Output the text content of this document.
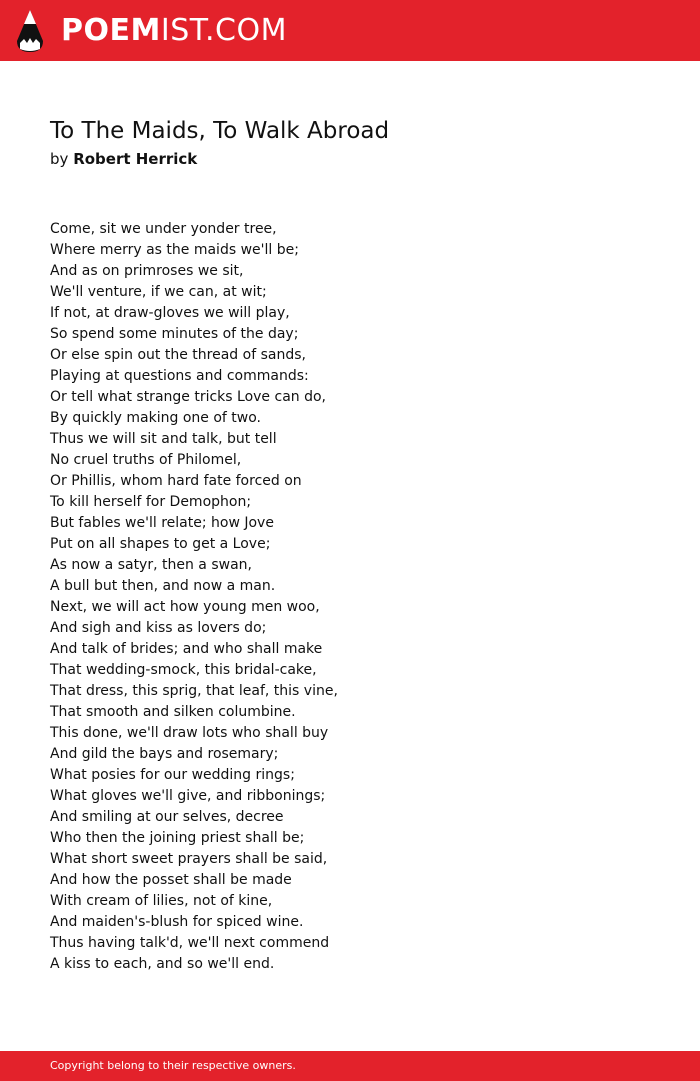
POEMIST.COM
To The Maids, To Walk Abroad
by Robert Herrick
Come, sit we under yonder tree,
Where merry as the maids we'll be;
And as on primroses we sit,
We'll venture, if we can, at wit;
If not, at draw-gloves we will play,
So spend some minutes of the day;
Or else spin out the thread of sands,
Playing at questions and commands:
Or tell what strange tricks Love can do,
By quickly making one of two.
Thus we will sit and talk, but tell
No cruel truths of Philomel,
Or Phillis, whom hard fate forced on
To kill herself for Demophon;
But fables we'll relate; how Jove
Put on all shapes to get a Love;
As now a satyr, then a swan,
A bull but then, and now a man.
Next, we will act how young men woo,
And sigh and kiss as lovers do;
And talk of brides; and who shall make
That wedding-smock, this bridal-cake,
That dress, this sprig, that leaf, this vine,
That smooth and silken columbine.
This done, we'll draw lots who shall buy
And gild the bays and rosemary;
What posies for our wedding rings;
What gloves we'll give, and ribbonings;
And smiling at our selves, decree
Who then the joining priest shall be;
What short sweet prayers shall be said,
And how the posset shall be made
With cream of lilies, not of kine,
And maiden's-blush for spiced wine.
Thus having talk'd, we'll next commend
A kiss to each, and so we'll end.
Copyright belong to their respective owners.
